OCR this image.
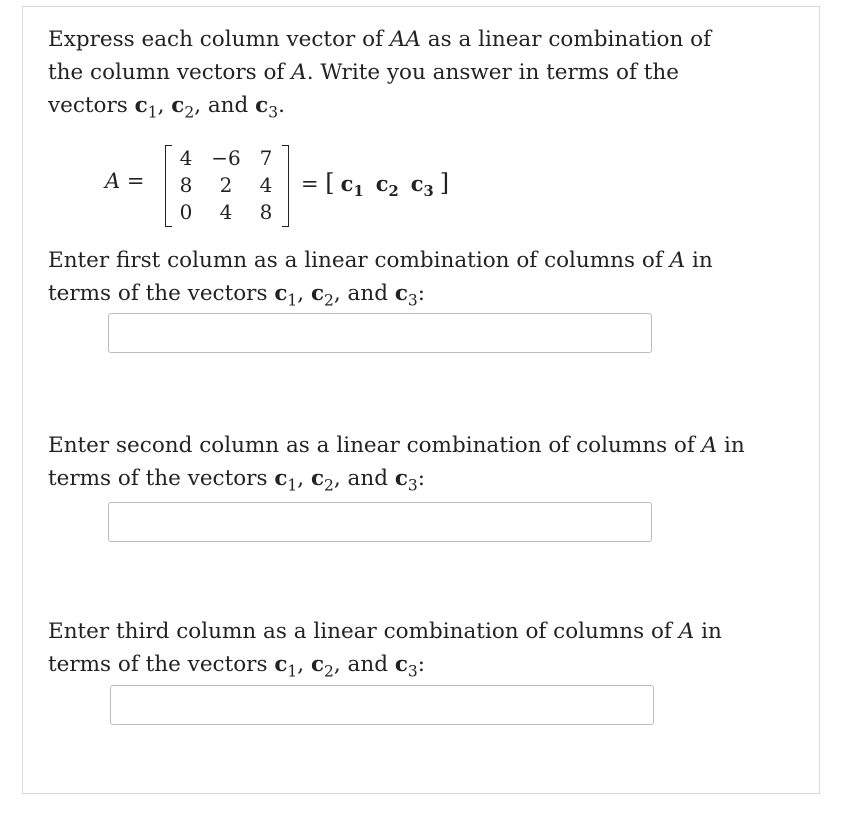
Express each column vector of AA as a linear combination of the column vectors of A. Write you answer in terms of the vectors $c_1$, $c_2$, and $c_3$.
A =
4 −6 7
8	2	4
0	4	8
= [ $c_1$ $c_2$ $c_3$ ]
Enter first column as a linear combination of columns of A in terms of the vectors $c_1$, $c_2$, and $c_3$:
Enter second column as a linear combination of columns of A in terms of the vectors $c_1$, $c_2$, and $c_3$:
Enter third column as a linear combination of columns of A in terms of the vectors $c_1$, $c_2$, and $c_3$:
